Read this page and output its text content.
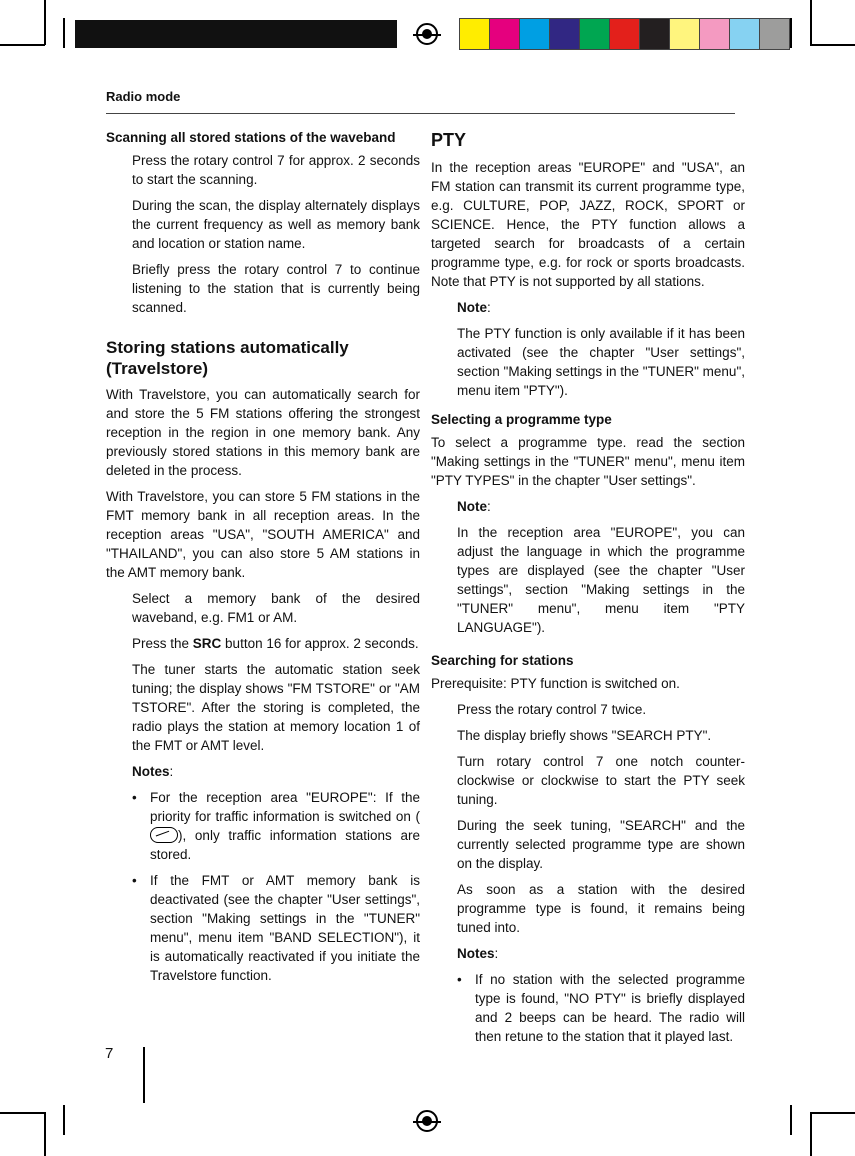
Radio mode
Scanning all stored stations of the waveband

Press the rotary control 7 for approx. 2 seconds to start the scanning.

During the scan, the display alternately displays the current frequency as well as memory bank and location or station name.

Briefly press the rotary control 7 to continue listening to the station that is currently being scanned.

Storing stations automatically (Travelstore)

With Travelstore, you can automatically search for and store the 5 FM stations offering the strongest reception in the region in one memory bank. Any previously stored stations in this memory bank are deleted in the process.

With Travelstore, you can store 5 FM stations in the FMT memory bank in all reception areas. In the reception areas "USA", "SOUTH AMERICA" and "THAILAND", you can also store 5 AM stations in the AMT memory bank.

Select a memory bank of the desired waveband, e.g. FM1 or AM.

Press the SRC button 16 for approx. 2 seconds.

The tuner starts the automatic station seek tuning; the display shows "FM TSTORE" or "AM TSTORE". After the storing is completed, the radio plays the station at memory location 1 of the FMT or AMT level.

Notes:

• For the reception area "EUROPE": If the priority for traffic information is switched on (), only traffic information stations are stored.

• If the FMT or AMT memory bank is deactivated (see the chapter "User settings", section "Making settings in the "TUNER" menu", menu item "BAND SELECTION"), it is automatically reactivated if you initiate the Travelstore function.

PTY

In the reception areas "EUROPE" and "USA", an FM station can transmit its current programme type, e.g. CULTURE, POP, JAZZ, ROCK, SPORT or SCIENCE. Hence, the PTY function allows a targeted search for broadcasts of a certain programme type, e.g. for rock or sports broadcasts. Note that PTY is not supported by all stations.

Note:

The PTY function is only available if it has been activated (see the chapter "User settings", section "Making settings in the "TUNER" menu", menu item "PTY").

Selecting a programme type

To select a programme type. read the section "Making settings in the "TUNER" menu", menu item "PTY TYPES" in the chapter "User settings".

Note:

In the reception area "EUROPE", you can adjust the language in which the programme types are displayed (see the chapter "User settings", section "Making settings in the "TUNER" menu", menu item "PTY LANGUAGE").

Searching for stations

Prerequisite: PTY function is switched on.

Press the rotary control 7 twice.

The display briefly shows "SEARCH PTY".

Turn rotary control 7 one notch counter-clockwise or clockwise to start the PTY seek tuning.

During the seek tuning, "SEARCH" and the currently selected programme type are shown on the display.

As soon as a station with the desired programme type is found, it remains being tuned into.

Notes:

• If no station with the selected programme type is found, "NO PTY" is briefly displayed and 2 beeps can be heard. The radio will then retune to the station that it played last.

7
